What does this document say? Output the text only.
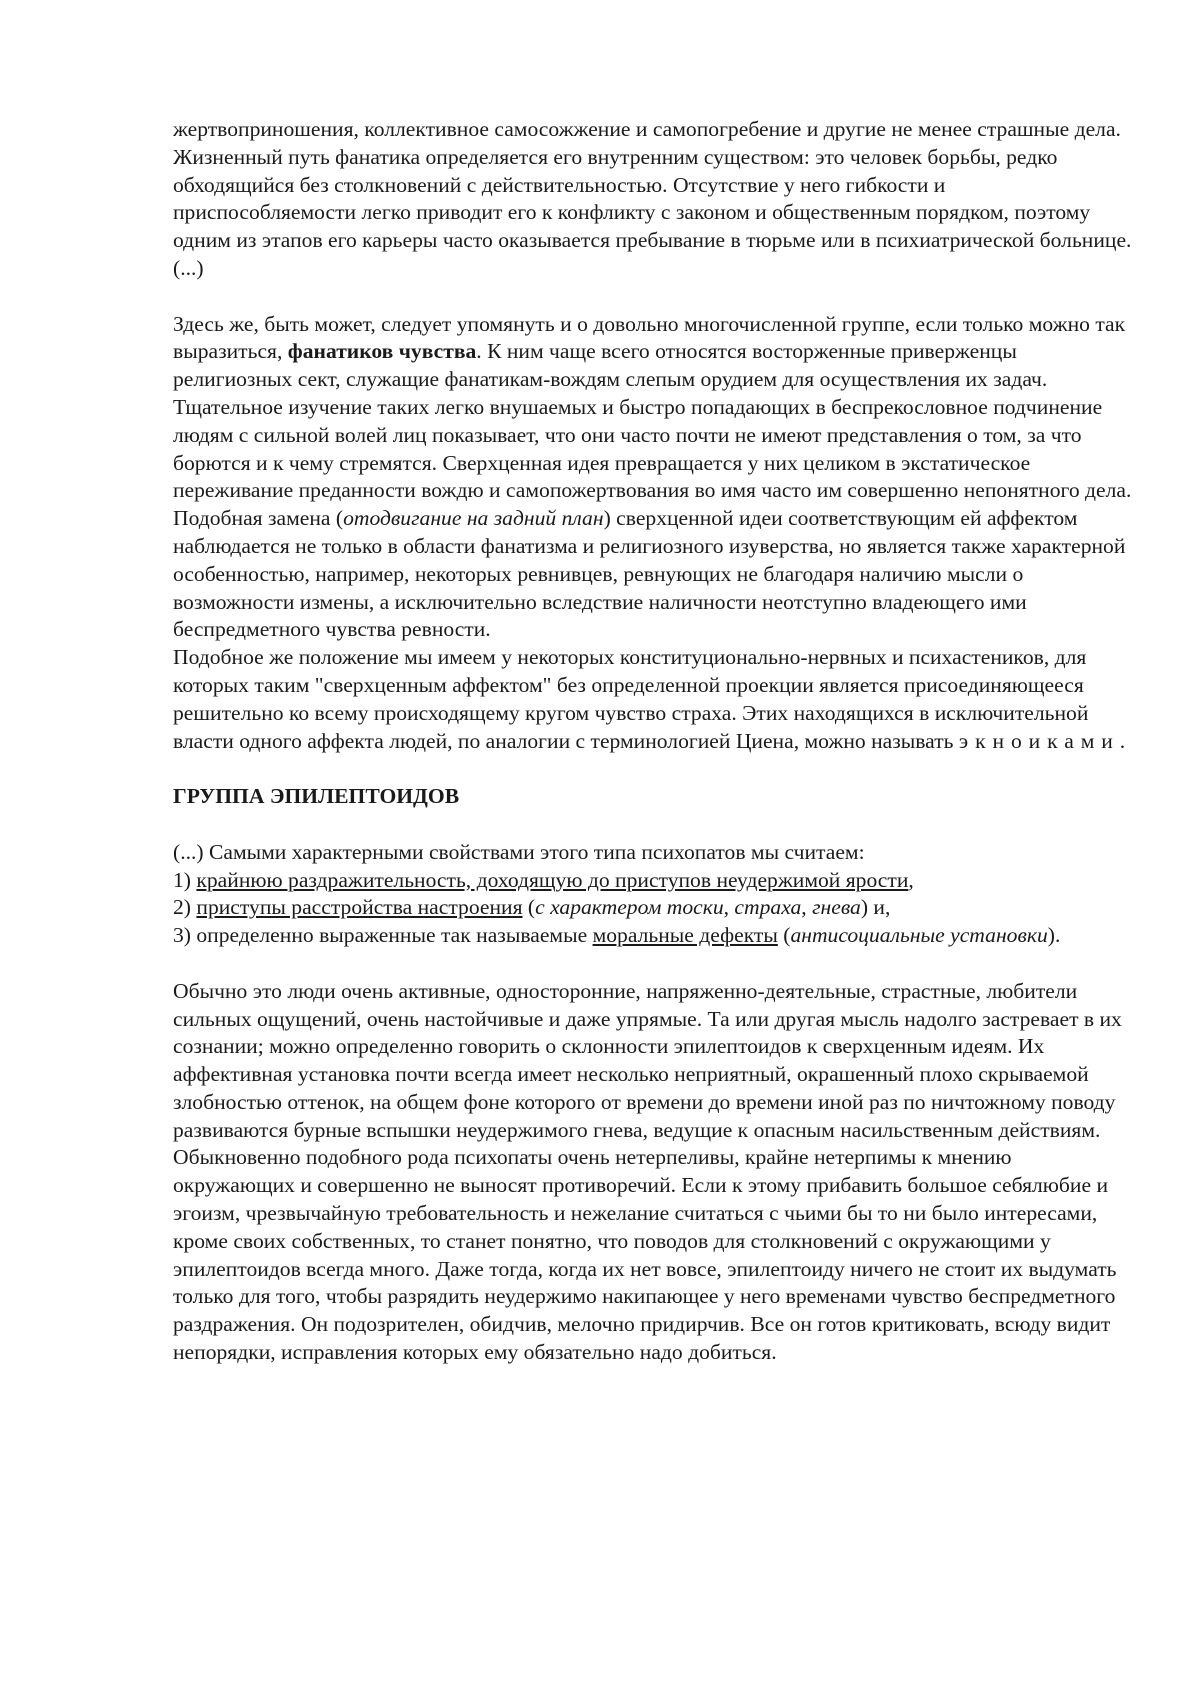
жертвоприношения, коллективное самосожжение и самопогребение и другие не менее страшные дела. Жизненный путь фанатика определяется его внутренним существом: это человек борьбы, редко обходящийся без столкновений с действительностью. Отсутствие у него гибкости и приспособляемости легко приводит его к конфликту с законом и общественным порядком, поэтому одним из этапов его карьеры часто оказывается пребывание в тюрьме или в психиатрической больнице.(...)

Здесь же, быть может, следует упомянуть и о довольно многочисленной группе, если только можно так выразиться, фанатиков чувства. К ним чаще всего относятся восторженные приверженцы религиозных сект, служащие фанатикам-вождям слепым орудием для осуществления их задач.

Тщательное изучение таких легко внушаемых и быстро попадающих в беспрекословное подчинение людям с сильной волей лиц показывает, что они часто почти не имеют представления о том, за что борются и к чему стремятся. Сверхценная идея превращается у них целиком в экстатическое переживание преданности вождю и самопожертвования во имя часто им совершенно непонятного дела. Подобная замена (отодвигание на задний план) сверхценной идеи соответствующим ей аффектом наблюдается не только в области фанатизма и религиозного изуверства, но является также характерной особенностью, например, некоторых ревнивцев, ревнующих не благодаря наличию мысли о возможности измены, а исключительно вследствие наличности неотступно владеющего ими беспредметного чувства ревности.

Подобное же положение мы имеем у некоторых конституционально-нервных и психастеников, для которых таким "сверхценным аффектом" без определенной проекции является присоединяющееся решительно ко всему происходящему кругом чувство страха. Этих находящихся в исключительной власти одного аффекта людей, по аналогии с терминологией Циена, можно называть экноиками.

ГРУППА ЭПИЛЕПТОИДОВ

(...) Самыми характерными свойствами этого типа психопатов мы считаем:

1) крайнюю раздражительность, доходящую до приступов неудержимой ярости,

2) приступы расстройства настроения (с характером тоски, страха, гнева) и,

3) определенно выраженные так называемые моральные дефекты (антисоциальные установки).

Обычно это люди очень активные, односторонние, напряженно-деятельные, страстные, любители сильных ощущений, очень настойчивые и даже упрямые. Та или другая мысль надолго застревает в их сознании; можно определенно говорить о склонности эпилептоидов к сверхценным идеям. Их аффективная установка почти всегда имеет несколько неприятный, окрашенный плохо скрываемой злобностью оттенок, на общем фоне которого от времени до времени иной раз по ничтожному поводу развиваются бурные вспышки неудержимого гнева, ведущие к опасным насильственным действиям. Обыкновенно подобного рода психопаты очень нетерпеливы, крайне нетерпимы к мнению окружающих и совершенно не выносят противоречий. Если к этому прибавить большое себялюбие и эгоизм, чрезвычайную требовательность и нежелание считаться с чьими бы то ни было интересами, кроме своих собственных, то станет понятно, что поводов для столкновений с окружающими у эпилептоидов всегда много. Даже тогда, когда их нет вовсе, эпилептоиду ничего не стоит их выдумать только для того, чтобы разрядить неудержимо накипающее у него временами чувство беспредметного раздражения. Он подозрителен, обидчив, мелочно придирчив. Все он готов критиковать, всюду видит непорядки, исправления которых ему обязательно надо добиться.
